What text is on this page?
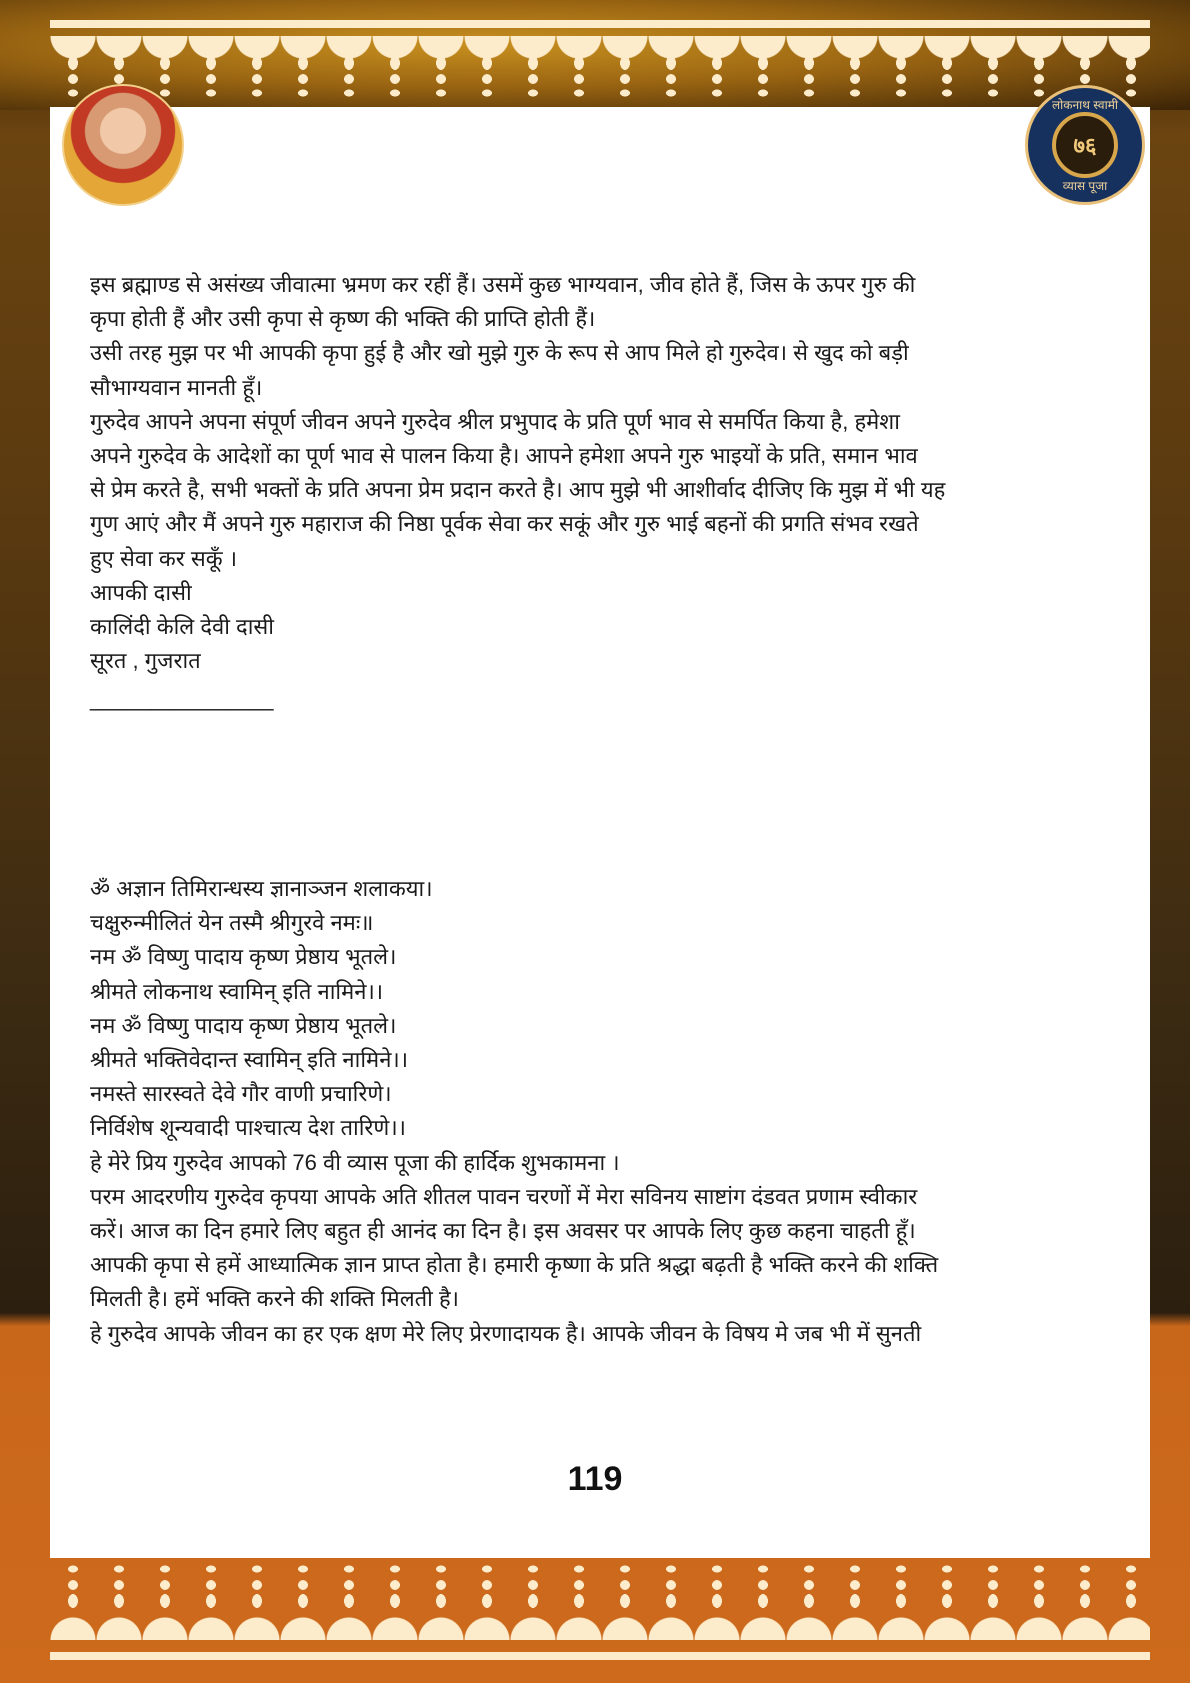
लोकनाथ स्वामी
७६
व्यास पूजा
इस ब्रह्माण्ड से असंख्य जीवात्मा भ्रमण कर रहीं हैं। उसमें कुछ भाग्यवान, जीव होते हैं, जिस के ऊपर गुरु की
कृपा होती हैं और उसी कृपा से कृष्ण की भक्ति की प्राप्ति होती हैं।
उसी तरह मुझ पर भी आपकी कृपा हुई है और खो मुझे गुरु के रूप से आप मिले हो गुरुदेव। से खुद को बड़ी
सौभाग्यवान मानती हूँ।
गुरुदेव आपने अपना संपूर्ण जीवन अपने गुरुदेव श्रील प्रभुपाद के प्रति पूर्ण भाव से समर्पित किया है, हमेशा
अपने गुरुदेव के आदेशों का पूर्ण भाव से पालन किया है। आपने हमेशा अपने गुरु भाइयों के प्रति, समान भाव
से प्रेम करते है, सभी भक्तों के प्रति अपना प्रेम प्रदान करते है। आप मुझे भी आशीर्वाद दीजिए कि मुझ में भी यह
गुण आएं और मैं अपने गुरु महाराज की निष्ठा पूर्वक सेवा कर सकूं और गुरु भाई बहनों की प्रगति संभव रखते
हुए सेवा कर सकूँ ।
आपकी दासी
कालिंदी केलि देवी दासी
सूरत , गुजरात
_______________
ॐ अज्ञान तिमिरान्धस्य ज्ञानाञ्जन शलाकया।
चक्षुरुन्मीलितं येन तस्मै श्रीगुरवे नमः॥
नम ॐ विष्णु पादाय कृष्ण प्रेष्ठाय भूतले।
श्रीमते लोकनाथ स्वामिन् इति नामिने।।
नम ॐ विष्णु पादाय कृष्ण प्रेष्ठाय भूतले।
श्रीमते भक्तिवेदान्त स्वामिन् इति नामिने।।
नमस्ते सारस्वते देवे गौर वाणी प्रचारिणे।
निर्विशेष शून्यवादी पाश्चात्य देश तारिणे।।
हे मेरे प्रिय गुरुदेव आपको 76 वी व्यास पूजा की हार्दिक शुभकामना ।
परम आदरणीय गुरुदेव कृपया आपके अति शीतल पावन चरणों में मेरा सविनय साष्टांग दंडवत प्रणाम स्वीकार
करें। आज का दिन हमारे लिए बहुत ही आनंद का दिन है। इस अवसर पर आपके लिए कुछ कहना चाहती हूँ।
आपकी कृपा से हमें आध्यात्मिक ज्ञान प्राप्त होता है। हमारी कृष्णा के प्रति श्रद्धा बढ़ती है भक्ति करने की शक्ति
मिलती है। हमें भक्ति करने की शक्ति मिलती है।
हे गुरुदेव आपके जीवन का हर एक क्षण मेरे लिए प्रेरणादायक है। आपके जीवन के विषय मे जब भी में सुनती
119
